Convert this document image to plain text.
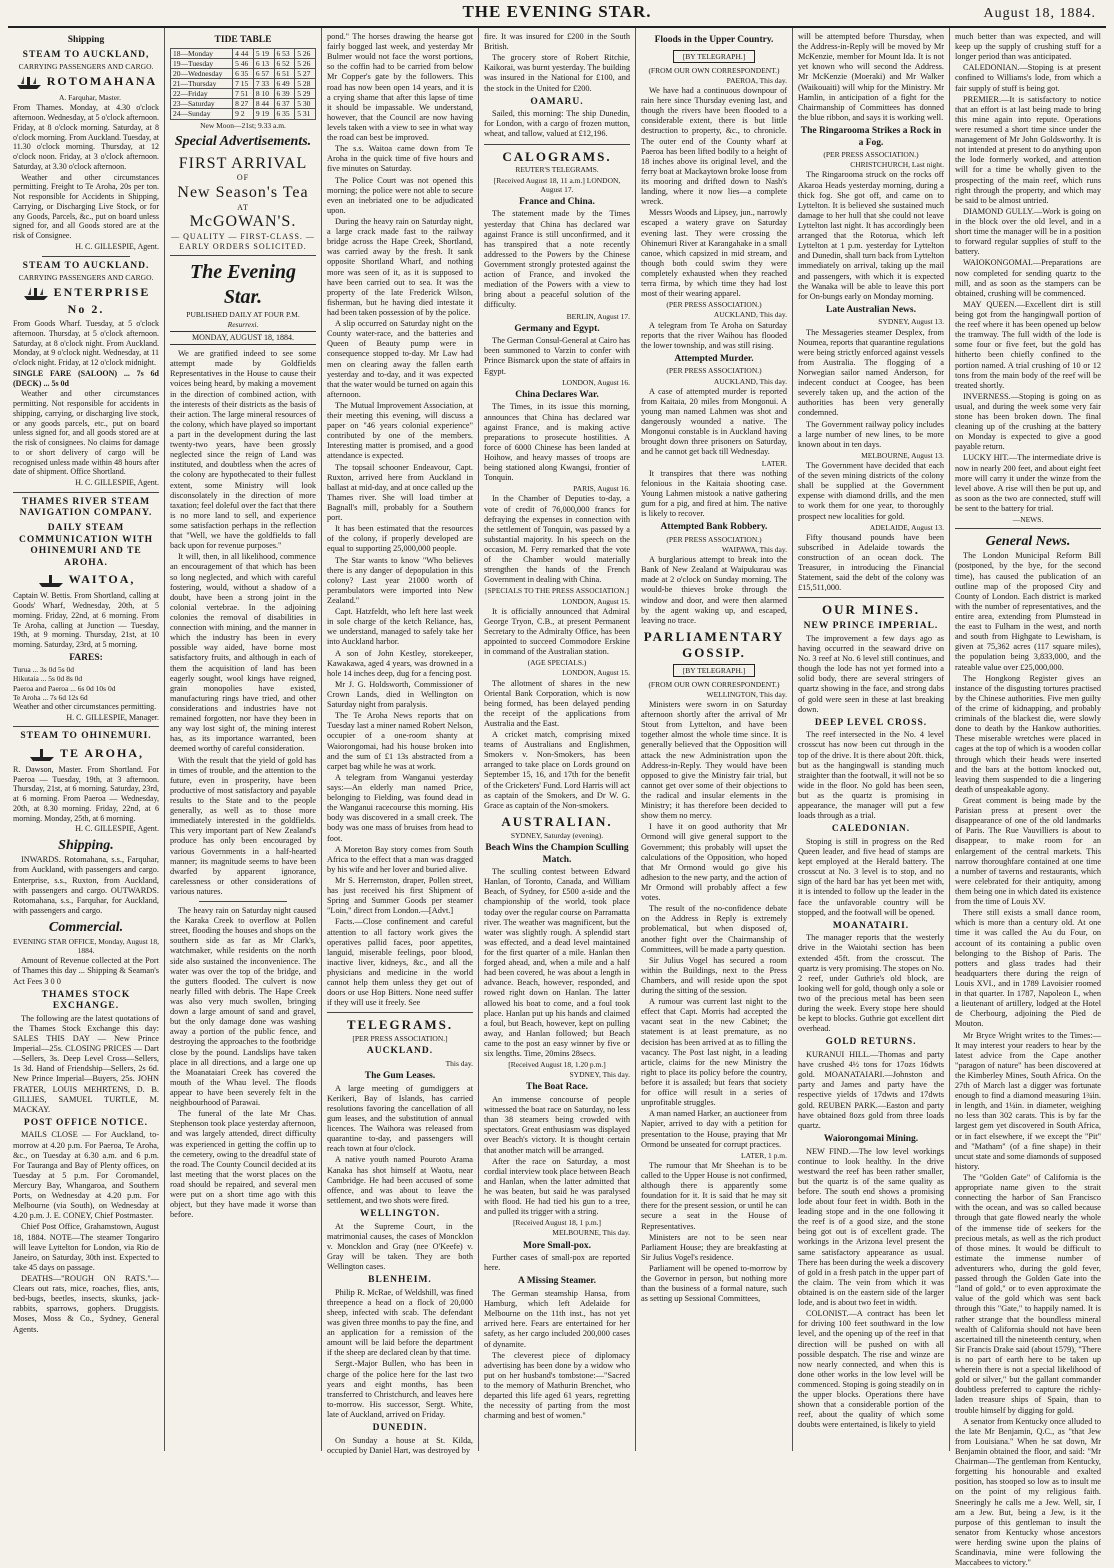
THE EVENING STAR.	August 18, 1884.
Shipping
STEAM TO AUCKLAND,
CARRYING PASSENGERS AND CARGO.
ROTOMAHANA

A. Farquhar, Master.

From Thames. Monday, at 4.30 o'clock afternoon. Wednesday, at 5 o'clock afternoon. Friday, at 8 o'clock morning. Saturday, at 8 o'clock morning. From Auckland. Tuesday, at 11.30 o'clock morning. Thursday, at 12 o'clock noon. Friday, at 3 o'clock afternoon. Saturday, at 3.30 o'clock afternoon.

Weather and other circumstances permitting. Freight to Te Aroha, 20s per ton. Not responsible for Accidents in Shipping, Carrying, or Discharging Live Stock, or for any Goods, Parcels, &c., put on board unless signed for, and all Goods stored are at the risk of Consignee.

H. C. GILLESPIE, Agent.

STEAM TO AUCKLAND.
CARRYING PASSENGERS AND CARGO.
ENTERPRISE No 2.

From Goods Wharf. Tuesday, at 5 o'clock afternoon. Thursday, at 5 o'clock afternoon. Saturday, at 8 o'clock night. From Auckland. Monday, at 9 o'clock night. Wednesday, at 11 o'clock night. Friday, at 12 o'clock midnight.

SINGLE FARE (SALOON) ... 7s 6d (DECK) ... 5s 0d

Weather and other circumstances permitting. Not responsible for accidents in shipping, carrying, or discharging live stock, or any goods parcels, etc., put on board unless signed for, and all goods stored are at the risk of consignees. No claims for damage to or short delivery of cargo will be recognised unless made within 48 hours after date of shipment. Office Shortland.

H. C. GILLESPIE, Agent.

THAMES RIVER STEAM NAVIGATION COMPANY.
DAILY STEAM COMMUNICATION WITH OHINEMURI AND TE AROHA.
WAITOA,

Captain W. Bettis. From Shortland, calling at Goods' Wharf, Wednesday, 20th, at 5 morning. Friday, 22nd, at 6 morning. From Te Aroha, calling at Junction — Tuesday, 19th, at 9 morning. Thursday, 21st, at 10 morning. Saturday, 23rd, at 5 morning.

FARES:
Turua ... 3s 0d 5s 0d
Hikutaia ... 5s 0d 8s 0d
Paeroa and Paeroa ... 6s 0d 10s 0d
Te Aroha ... 7s 6d 12s 6d

Weather and other circumstances permitting.

H. C. GILLESPIE, Manager.

STEAM TO OHINEMURI.
TE AROHA,

R. Dawson, Master. From Shortland. For Paeroa — Tuesday, 19th, at 3 afternoon. Thursday, 21st, at 6 morning. Saturday, 23rd, at 6 morning. From Paeroa — Wednesday, 20th, at 8.30 morning. Friday, 22nd, at 6 morning. Monday, 25th, at 6 morning.

H. C. GILLESPIE, Agent.

Shipping.

INWARDS. Rotomahana, s.s., Farquhar, from Auckland, with passengers and cargo. Enterprise, s.s., Ruxton, from Auckland, with passengers and cargo. OUTWARDS. Rotomahana, s.s., Farquhar, for Auckland, with passengers and cargo.

Commercial.
EVENING STAR OFFICE, Monday, August 18, 1884.

Amount of Revenue collected at the Port of Thames this day ... Shipping & Seaman's Act Fees 3 0 0

THAMES STOCK EXCHANGE.

The following are the latest quotations of the Thames Stock Exchange this day: SALES THIS DAY — New Prince Imperial—25s. CLOSING PRICES — Dart—Sellers, 3s. Deep Level Cross—Sellers, 1s 3d. Hand of Friendship—Sellers, 2s 6d. New Prince Imperial—Buyers, 25s. JOHN FRATER, LOUIS MEHRTENS, D. B. GILLIES, SAMUEL TURTLE, M. MACKAY.

POST OFFICE NOTICE.

MAILS CLOSE — For Auckland, to-morrow at 4.20 p.m. For Paeroa, Te Aroha, &c., on Tuesday at 6.30 a.m. and 6 p.m. For Tauranga and Bay of Plenty offices, on Tuesday at 5 p.m. For Coromandel, Mercury Bay, Whangaroa, and Southern Ports, on Wednesday at 4.20 p.m. For Melbourne (via South), on Wednesday at 4.20 p.m. J. E. CONEY, Chief Postmaster.

Chief Post Office, Grahamstown, August 18, 1884. NOTE—The steamer Tongariro will leave Lyttelton for London, via Rio de Janeiro, on Saturday, 30th inst. Expected to take 45 days on passage.

DEATHS—"ROUGH ON RATS."—Clears out rats, mice, roaches, flies, ants, bed-bugs, beetles, insects, skunks, jack-rabbits, sparrows, gophers. Druggists. Moses, Moss & Co., Sydney, General Agents.

TIDE TABLE
18—Monday	4 44	5 19	6 53	5 26
19—Tuesday	5 46	6 13	6 52	5 26
20—Wednesday	6 35	6 57	6 51	5 27
21—Thursday	7 15	7 33	6 49	5 28
22—Friday	7 51	8 10	6 39	5 29
23—Saturday	8 27	8 44	6 37	5 30
24—Sunday	9 2	9 19	6 35	5 31
New Moon—21st; 9.33 a.m.
Special Advertisements.
FIRST ARRIVAL
OF
New Season's Tea
AT
McGOWAN'S.
— QUALITY — FIRST-CLASS. —
EARLY ORDERS SOLICITED.
The Evening Star.
PUBLISHED DAILY AT FOUR P.M.
Resurrexi.
MONDAY, AUGUST 18, 1884.

We are gratified indeed to see some attempt made by Goldfields Representatives in the House to cause their voices being heard, by making a movement in the direction of combined action, with the interests of their districts as the basis of their action. The large mineral resources of the colony, which have played so important a part in the development during the last twenty-two years, have been grossly neglected since the reign of Land was instituted, and doubtless when the acres of the colony are hypothecated to their fullest extent, some Ministry will look disconsolately in the direction of more taxation; feel doleful over the fact that there is no more land to sell, and experience some satisfaction perhaps in the reflection that "Well, we have the goldfields to fall back upon for revenue purposes."

It will, then, in all likelihood, commence an encouragement of that which has been so long neglected, and which with careful fostering, would, without a shadow of a doubt, have been a strong joint in the colonial vertebrae. In the adjoining colonies the removal of disabilities in connection with mining, and the manner in which the industry has been in every possible way aided, have borne most satisfactory fruits, and although in each of them the acquisition of land has been eagerly sought, wool kings have reigned, grain monopolies have existed, manufacturing rings have tried, and other considerations and industries have not remained forgotten, nor have they been in any way lost sight of, the mining interest has, as its importance warranted, been deemed worthy of careful consideration.

With the result that the yield of gold has in times of trouble, and the attention to the future, even in prosperity, have been productive of most satisfactory and payable results to the State and to the people generally, as well as to those more immediately interested in the goldfields. This very important part of New Zealand's produce has only been encouraged by various Governments in a half-hearted manner; its magnitude seems to have been dwarfed by apparent ignorance, carelessness or other considerations of various natures.

The heavy rain on Saturday night caused the Karaka Creek to overflow at Pollen street, flooding the houses and shops on the southern side as far as Mr Clark's, watchmaker, while residents on the north side also sustained the inconvenience. The water was over the top of the bridge, and the gutters flooded. The culvert is now nearly filled with debris. The Hape Creek was also very much swollen, bringing down a large amount of sand and gravel, but the only damage done was washing away a portion of the public fence, and destroying the approaches to the footbridge close by the pound. Landslips have taken place in all directions, and a large one up the Moanataiari Creek has covered the mouth of the Whau level. The floods appear to have been severely felt in the neighbourhood of Parawai.

The funeral of the late Mr Chas. Stephenson took place yesterday afternoon, and was largely attended, direct difficulty was experienced in getting the coffin up to the cemetery, owing to the dreadful state of the road. The County Council decided at its last meeting that the worst places on the road should be repaired, and several men were put on a short time ago with this object, but they have made it worse than before.

pond." The horses drawing the hearse got fairly bogged last week, and yesterday Mr Bulmer would not face the worst portions, so the coffin had to be carried from below Mr Copper's gate by the followers. This road has now been open 14 years, and it is a crying shame that after this lapse of time it should be impassable. We understand, however, that the Council are now having levels taken with a view to see in what way the road can best be improved.

The s.s. Waitoa came down from Te Aroha in the quick time of five hours and five minutes on Saturday.

The Police Court was not opened this morning; the police were not able to secure even an inebriated one to be adjudicated upon.

During the heavy rain on Saturday night, a large crack made fast to the railway bridge across the Hape Creek, Shortland, was carried away by the fresh. It sank opposite Shortland Wharf, and nothing more was seen of it, as it is supposed to have been carried out to sea. It was the property of the late Frederick Wilson, fisherman, but he having died intestate it had been taken possession of by the police.

A slip occurred on Saturday night on the County water-race, and the batteries and Queen of Beauty pump were in consequence stopped to-day. Mr Law had men on clearing away the fallen earth yesterday and to-day, and it was expected that the water would be turned on again this afternoon.

The Mutual Improvement Association, at their meeting this evening, will discuss a paper on "46 years colonial experience" contributed by one of the members. Interesting matter is promised, and a good attendance is expected.

The topsail schooner Endeavour, Capt. Ruxton, arrived here from Auckland in ballast at mid-day, and at once called up the Thames river. She will load timber at Bagnall's mill, probably for a Southern port.

It has been estimated that the resources of the colony, if properly developed are equal to supporting 25,000,000 people.

The Star wants to know "Who believes there is any danger of depopulation in this colony? Last year 21000 worth of perambulators were imported into New Zealand."

Capt. Hatzfeldt, who left here last week in sole charge of the ketch Reliance, has, we understand, managed to safely take her into Auckland harbor.

A son of John Kestley, storekeeper, Kawakawa, aged 4 years, was drowned in a hole 14 inches deep, dug for a fencing post.

Mr J. G. Holdsworth, Commissioner of Crown Lands, died in Wellington on Saturday night from paralysis.

The Te Aroha News reports that on Tuesday last a miner named Robert Nelson, occupier of a one-room shanty at Waiorongomai, had his house broken into and the sum of £1 13s abstracted from a carpet bag while he was at work.

A telegram from Wanganui yesterday says:—An elderly man named Price, belonging to Fielding, was found dead in the Wanganui racecourse this morning. His body was discovered in a small creek. The body was one mass of bruises from head to foot.

A Moreton Bay story comes from South Africa to the effect that a man was dragged by his wife and her lover and buried alive.

Mr S. Herrernston, draper, Pollen street, has just received his first Shipment of Spring and Summer Goods per steamer "Loin," direct from London.—[Advt.]

Facts.—Close confinement and careful attention to all factory work gives the operatives pallid faces, poor appetites, languid, miserable feelings, poor blood, inactive liver, kidneys, &c., and all the physicians and medicine in the world cannot help them unless they get out of doors or use Hop Bitters. None need suffer if they will use it freely. See

TELEGRAMS.
[PER PRESS ASSOCIATION.]
AUCKLAND.
This day.
The Gum Leases.

A large meeting of gumdiggers at Kerikeri, Bay of Islands, has carried resolutions favoring the cancellation of all gum leases, and the substitution of annual licences. The Waihora was released from quarantine to-day, and passengers will reach town at four o'clock.

A native youth named Pouroto Arama Kanaka has shot himself at Waotu, near Cambridge. He had been accused of some offence, and was about to leave the settlement, and two shots were fired.

WELLINGTON.

At the Supreme Court, in the matrimonial causes, the cases of Moncklon v. Moncklon and Gray (nee O'Keefe) v. Gray will be taken. They are both Wellington cases.

BLENHEIM.

Philip R. McRae, of Weldshill, was fined threepence a head on a flock of 20,000 sheep, infected with scab. The defendant was given three months to pay the fine, and an application for a remission of the amount will be laid before the department if the sheep are declared clean by that time.

Sergt.-Major Bullen, who has been in charge of the police here for the last two years and eight months, has been transferred to Christchurch, and leaves here to-morrow. His successor, Sergt. White, late of Auckland, arrived on Friday.

DUNEDIN.

On Sunday a house at St. Kilda, occupied by Daniel Hart, was destroyed by

fire. It was insured for £200 in the South British.

The grocery store of Robert Ritchie, Kaikorai, was burnt yesterday. The building was insured in the National for £100, and the stock in the United for £200.

OAMARU.

Sailed, this morning: The ship Dunedin, for London, with a cargo of frozen mutton, wheat, and tallow, valued at £12,196.

CALOGRAMS.
REUTER'S TELEGRAMS.
[Received August 18, 11 a.m.] LONDON, August 17.
France and China.

The statement made by the Times yesterday that China has declared war against France is still unconfirmed, and it has transpired that a note recently addressed to the Powers by the Chinese Government strongly protested against the action of France, and invoked the mediation of the Powers with a view to bring about a peaceful solution of the difficulty.

BERLIN, August 17.
Germany and Egypt.

The German Consul-General at Cairo has been summoned to Varzin to confer with Prince Bismarck upon the state of affairs in Egypt.

LONDON, August 16.
China Declares War.

The Times, in its issue this morning, announces that China has declared war against France, and is making active preparations to prosecute hostilities. A force of 6000 Chinese has been landed at Hoihow, and heavy masses of troops are being stationed along Kwangsi, frontier of Tonquin.

PARIS, August 16.

In the Chamber of Deputies to-day, a vote of credit of 76,000,000 francs for defraying the expenses in connection with the settlement of Tonquin, was passed by a substantial majority. In his speech on the occasion, M. Ferry remarked that the vote of the Chamber would materially strengthen the hands of the French Government in dealing with China.

[SPECIALS TO THE PRESS ASSOCIATION.]
LONDON, August 15.

It is officially announced that Admiral George Tryon, C.B., at present Permanent Secretary to the Admiralty Office, has been appointed to succeed Commodore Erskine in command of the Australian station.

(AGE SPECIALS.)
LONDON, August 15.

The allotment of shares in the new Oriental Bank Corporation, which is now being formed, has been delayed pending the receipt of the applications from Australia and the East.

A cricket match, comprising mixed teams of Australians and Englishmen, Smokers v. Non-Smokers, has been arranged to take place on Lords ground on September 15, 16, and 17th for the benefit of the Cricketers' Fund. Lord Harris will act as captain of the Smokers, and Dr W. G. Grace as captain of the Non-smokers.

AUSTRALIAN.
SYDNEY, Saturday (evening).
Beach Wins the Champion Sculling Match.

The sculling contest between Edward Hanlan, of Toronto, Canada, and William Beach, of Sydney, for £500 a-side and the championship of the world, took place today over the regular course on Parramatta river. The weather was magnificent, but the water was slightly rough. A splendid start was effected, and a dead level maintained for the first quarter of a mile. Hanlan then forged ahead, and, when a mile and a half had been covered, he was about a length in advance. Beach, however, responded, and rowed right down on Hanlan. The latter allowed his boat to come, and a foul took place. Hanlan put up his hands and claimed a foul, but Beach, however, kept on pulling away, and Hanlan followed; but Beach came to the post an easy winner by five or six lengths. Time, 20mins 28secs.

[Received August 18, 1.20 p.m.]
SYDNEY, This day.
The Boat Race.

An immense concourse of people witnessed the boat race on Saturday, no less than 38 steamers being crowded with spectators. Great enthusiasm was displayed over Beach's victory. It is thought certain that another match will be arranged.

After the race on Saturday, a most cordial interview took place between Beach and Hanlan, when the latter admitted that he was beaten, but said he was paralysed with flood. He had tied his gun to a tree, and pulled its trigger with a string.

[Received August 18, 1 p.m.]
MELBOURNE, This day.
More Small-pox.

Further cases of small-pox are reported here.

A Missing Steamer.

The German steamship Hansa, from Hamburg, which left Adelaide for Melbourne on the 11th inst., has not yet arrived here. Fears are entertained for her safety, as her cargo included 200,000 cases of dynamite.

The cleverest piece of diplomacy advertising has been done by a widow who put on her husband's tombstone:—"Sacred to the memory of Mathurin Brenchet, who departed this life aged 61 years, regretting the necessity of parting from the most charming and best of women."

Floods in the Upper Country.
[BY TELEGRAPH.]
(FROM OUR OWN CORRESPONDENT.)
PAEROA, This day.

We have had a continuous downpour of rain here since Thursday evening last, and though the rivers have been flooded to a considerable extent, there is but little destruction to property, &c., to chronicle. The outer end of the County wharf at Paeroa has been lifted bodily to a height of 18 inches above its original level, and the ferry boat at Mackaytown broke loose from its mooring and drifted down to Nash's landing, where it now lies—a complete wreck.

Messrs Woods and Lipsey, jun., narrowly escaped a watery grave on Saturday evening last. They were crossing the Ohinemuri River at Karangahake in a small canoe, which capsized in mid stream, and though both could swim they were completely exhausted when they reached terra firma, by which time they had lost most of their wearing apparel.

(PER PRESS ASSOCIATION.)
AUCKLAND, This day.

A telegram from Te Aroha on Saturday reports that the river Waihou has flooded the lower township, and was still rising.

Attempted Murder.
(PER PRESS ASSOCIATION.)
AUCKLAND, This day.

A case of attempted murder is reported from Kaitaia, 20 miles from Mongonui. A young man named Lahmen was shot and dangerously wounded a native. The Mongonui constable is in Auckland having brought down three prisoners on Saturday, and he cannot get back till Wednesday.

LATER.

It transpires that there was nothing felonious in the Kaitaia shooting case. Young Lahmen mistook a native gathering gum for a pig, and fired at him. The native is likely to recover.

Attempted Bank Robbery.
(PER PRESS ASSOCIATION.)
WAIPAWA, This day.

A burglarious attempt to break into the Bank of New Zealand at Waipukurau was made at 2 o'clock on Sunday morning. The would-be thieves broke through the window and door, and were then alarmed by the agent waking up, and escaped, leaving no trace.

PARLIAMENTARY GOSSIP.
[BY TELEGRAPH.]
(FROM OUR OWN CORRESPONDENT.)
WELLINGTON, This day.

Ministers were sworn in on Saturday afternoon shortly after the arrival of Mr Stout from Lyttelton, and have been together almost the whole time since. It is generally believed that the Opposition will attack the new Administration upon the Address-in-Reply. They would have been opposed to give the Ministry fair trial, but cannot get over some of their objections to the radical and insular elements in the Ministry; it has therefore been decided to show them no mercy.

I have it on good authority that Mr Ormond will give general support to the Government; this probably will upset the calculations of the Opposition, who hoped that Mr Ormond would go give his adhesion to the new party, and the action of Mr Ormond will probably affect a few votes.

The result of the no-confidence debate on the Address in Reply is extremely problematical, but when disposed of, another fight over the Chairmanship of Committees, will be made a party question.

Sir Julius Vogel has secured a room within the Buildings, next to the Press Chambers, and will reside upon the spot during the sitting of the session.

A rumour was current last night to the effect that Capt. Morris had accepted the vacant seat in the new Cabinet; the statement is at least premature, as no decision has been arrived at as to filling the vacancy. The Post last night, in a leading article, claims for the new Ministry the right to place its policy before the country, before it is assailed; but fears that society for office will result in a series of unprofitable struggles.

A man named Harker, an auctioneer from Napier, arrived to day with a petition for presentation to the House, praying that Mr Ormond be unseated for corrupt practices.

LATER, 1 p.m.

The rumour that Mr Sheehan is to be called to the Upper House is not confirmed, although there is apparently some foundation for it. It is said that he may sit there for the present session, or until he can secure a seat in the House of Representatives.

Ministers are not to be seen near Parliament House; they are breakfasting at Sir Julius Vogel's residence.

Parliament will be opened to-morrow by the Governor in person, but nothing more than the business of a formal nature, such as setting up Sessional Committees,

will be attempted before Thursday, when the Address-in-Reply will be moved by Mr McKenzie, member for Mount Ida. It is not yet known who will second the Address. Mr McKenzie (Moeraki) and Mr Walker (Waikouaiti) will whip for the Ministry. Mr Hamlin, in anticipation of a fight for the Chairmanship of Committees has donned the blue ribbon, and says it is working well.

The Ringarooma Strikes a Rock in a Fog.
(PER PRESS ASSOCIATION.)
CHRISTCHURCH, Last night.

The Ringarooma struck on the rocks off Akaroa Heads yesterday morning, during a thick fog. She got off, and came on to Lyttelton. It is believed she sustained much damage to her hull that she could not leave Lyttelton last night. It has accordingly been arranged that the Rotorua, which left Lyttelton at 1 p.m. yesterday for Lyttelton and Dunedin, shall turn back from Lyttelton immediately on arrival, taking up the mail and passengers, with which it is expected the Wanaka will be able to leave this port for On-bungs early on Monday morning.

Late Australian News.
SYDNEY, August 13.

The Messageries steamer Desplex, from Noumea, reports that quarantine regulations were being strictly enforced against vessels from Australia. The flogging of a Norwegian sailor named Anderson, for indecent conduct at Coogee, has been severely taken up, and the action of the authorities has been very generally condemned.

The Government railway policy includes a large number of new lines, to be more known about in ten days.

MELBOURNE, August 13.

The Government have decided that each of the seven mining districts of the colony shall be supplied at the Government expense with diamond drills, and the men to work them for one year, to thoroughly prospect new localities for gold.

ADELAIDE, August 13.

Fifty thousand pounds have been subscribed in Adelaide towards the construction of an ocean dock. The Treasurer, in introducing the Financial Statement, said the debt of the colony was £15,511,000.

OUR MINES.
NEW PRINCE IMPERIAL.

The improvement a few days ago as having occurred in the seaward drive on No. 3 reef at No. 6 level still continues, and though the lode has not yet formed into a solid body, there are several stringers of quartz showing in the face, and strong dabs of gold were seen in these at last breaking down.

DEEP LEVEL CROSS.

The reef intersected in the No. 4 level crosscut has now been cut through in the top of the drive. It is there about 20ft. thick, but as the hangingwall is standing much straighter than the footwall, it will not be so wide in the floor. No gold has been seen, but as the quartz is promising in appearance, the manager will put a few loads through as a trial.

CALEDONIAN.

Stoping is still in progress on the Red Queen leader, and five head of stamps are kept employed at the Herald battery. The crosscut at No. 3 level is to stop, and no sign of the hard bar has yet been met with, it is intended to follow up the leader in the face the unfavorable country will be stopped, and the footwall will be opened.

MOANATAIRI.

The manager reports that the westerly drive in the Waiotahi section has been extended 45ft. from the crosscut. The quartz is very promising. The stopes on No. 2 reef, under Guthrie's old block, are looking well for gold, though only a sole or two of the precious metal has been seen during the week. Every stope here should be kept to blocks. Guthrie got excellent dirt overhead.

GOLD RETURNS.

KURANUI HILL.—Thomas and party have crushed 4½ tons for 17ozs 16dwts gold. MOANATAIARI.—Johnston and party and James and party have the respective yields of 17dwts and 17dwts gold. REUBEN PARK.—Easton and party have obtained 8ozs gold from three loads quartz.

Waiorongomai Mining.

NEW FIND.—The low level workings continue to look healthy. In the drive westward the reef has been rather smaller, but the quartz is of the same quality as before. The south end shows a promising lode about four feet in width. Both in the leading stope and in the one following it the reef is of a good size, and the stone being got out is of excellent grade. The workings in the Arizona level present the same satisfactory appearance as usual. There has been during the week a discovery of gold in a fresh patch in the upper part of the claim. The vein from which it was obtained is on the eastern side of the larger lode, and is about two feet in width.

COLONIST.—A contract has been let for driving 100 feet southward in the low level, and the opening up of the reef in that direction will be pushed on with all possible despatch. The rise and winze are now nearly connected, and when this is done other works in the low level will be commenced. Stoping is going steadily on in the upper blocks. Operations there have shown that a considerable portion of the reef, about the quality of which some doubts were entertained, is likely to yield

much better than was expected, and will keep up the supply of crushing stuff for a longer period than was anticipated.

CALEDONIAN.—Stoping is at present confined to Williams's lode, from which a fair supply of stuff is being got.

PREMIER.—It is satisfactory to notice that an effort is at last being made to bring this mine again into repute. Operations were resumed a short time since under the management of Mr John Goldsworthy. It is not intended at present to do anything upon the lode formerly worked, and attention will for a time be wholly given to the prospecting of the main reef, which runs right through the property, and which may be said to be almost untried.

DIAMOND GULLY.—Work is going on in the block over the old level, and in a short time the manager will be in a position to forward regular supplies of stuff to the battery.

WAIOKONGOMAI.—Preparations are now completed for sending quartz to the mill, and as soon as the stampers can be obtained, crushing will be commenced.

MAY QUEEN.—Excellent dirt is still being got from the hangingwall portion of the reef where it has been opened up below the tramway. The full width of the lode is some four or five feet, but the gold has hitherto been chiefly confined to the portion named. A trial crushing of 10 or 12 tons from the main body of the reef will be treated shortly.

INVERNESS.—Stoping is going on as usual, and during the week some very fair stone has been broken down. The final cleaning up of the crushing at the battery on Monday is expected to give a good payable return.

LUCKY HIT.—The intermediate drive is now in nearly 200 feet, and about eight feet more will carry it under the winze from the level above. A rise will then be put up, and as soon as the two are connected, stuff will be sent to the battery for trial.

—NEWS.
General News.

The London Municipal Reform Bill (postponed, by the bye, for the second time), has caused the publication of an outline map of the proposed City and County of London. Each district is marked with the number of representatives, and the entire area, extending from Plumstead in the east to Fulham in the west, and north and south from Highgate to Lewisham, is given at 75,362 acres (117 square miles), the population being 3,833,000, and the rateable value over £25,000,000.

The Hongkong Register gives an instance of the disgusting tortures practised by the Chinese authorities. Five men guilty of the crime of kidnapping, and probably criminals of the blackest die, were slowly done to death by the Hankow authorities. These miserable wretches were placed in cages at the top of which is a wooden collar through which their heads were inserted and the bars at the bottom knocked out, leaving them suspended to die a lingering death of unspeakable agony.

Great comment is being made by the Parisian press at present over the disappearance of one of the old landmarks of Paris. The Rue Vauvilliers is about to disappear, to make room for an enlargement of the central markets. This narrow thoroughfare contained at one time a number of taverns and restaurants, which were celebrated for their antiquity, among them being one in which dated its existence from the time of Louis XV.

There still exists a small dance room, which is more than a century old. At one time it was called the Au du Four, on account of its containing a public oven belonging to the Bishop of Paris. The potters and glass trades had their headquarters there during the reign of Louis XVI., and in 1789 Lavoisier roomed in that quarter. In 1787, Napoleon I., when a lieutenant of artillery, lodged at the Hotel de Cherbourg, adjoining the Pied de Mouton.

Mr Bryce Wright writes to the Times:—It may interest your readers to hear by the latest advice from the Cape another "paragon of nature" has been discovered at the Kimberley Mines, South Africa. On the 27th of March last a digger was fortunate enough to find a diamond measuring 1¾in. in length, and 1¼in. in diameter, weighing no less than 302 carats. This is by far the largest gem yet discovered in South Africa, or in fact elsewhere, if we except the "Pit" and "Matham" (of a fine shape) in their uncut state and some diamonds of supposed history.

The "Golden Gate" of California is the appropriate name given to the strait connecting the harbor of San Francisco with the ocean, and was so called because through that gate flowed nearly the whole of the immense tide of seekers for the precious metals, as well as the rich product of those mines. It would be difficult to estimate the immense number of adventurers who, during the gold fever, passed through the Golden Gate into the "land of gold," or to even approximate the value of the gold which was sent back through this "Gate," to happily named. It is rather strange that the boundless mineral wealth of California should not have been ascertained till the nineteenth century, when Sir Francis Drake said (about 1579), "There is no part of earth here to be taken up wherein there is not a special likelihood of gold or silver," but the gallant commander doubtless preferred to capture the richly-laden treasure ships of Spain, than to trouble himself by digging for gold.

A senator from Kentucky once alluded to the late Mr Benjamin, Q.C., as "that Jew from Louisiana." When he sat down, Mr Benjamin obtained the floor, and said: "Mr Chairman—The gentleman from Kentucky, forgetting his honourable and exalted position, has stooped so low as to insult me on the point of my religious faith. Sneeringly he calls me a Jew. Well, sir, I am a Jew. But, being a Jew, is it the purpose of this gentleman to insult the senator from Kentucky whose ancestors were herding swine upon the plains of Scandinavia, mine were following the Maccabees to victory."
